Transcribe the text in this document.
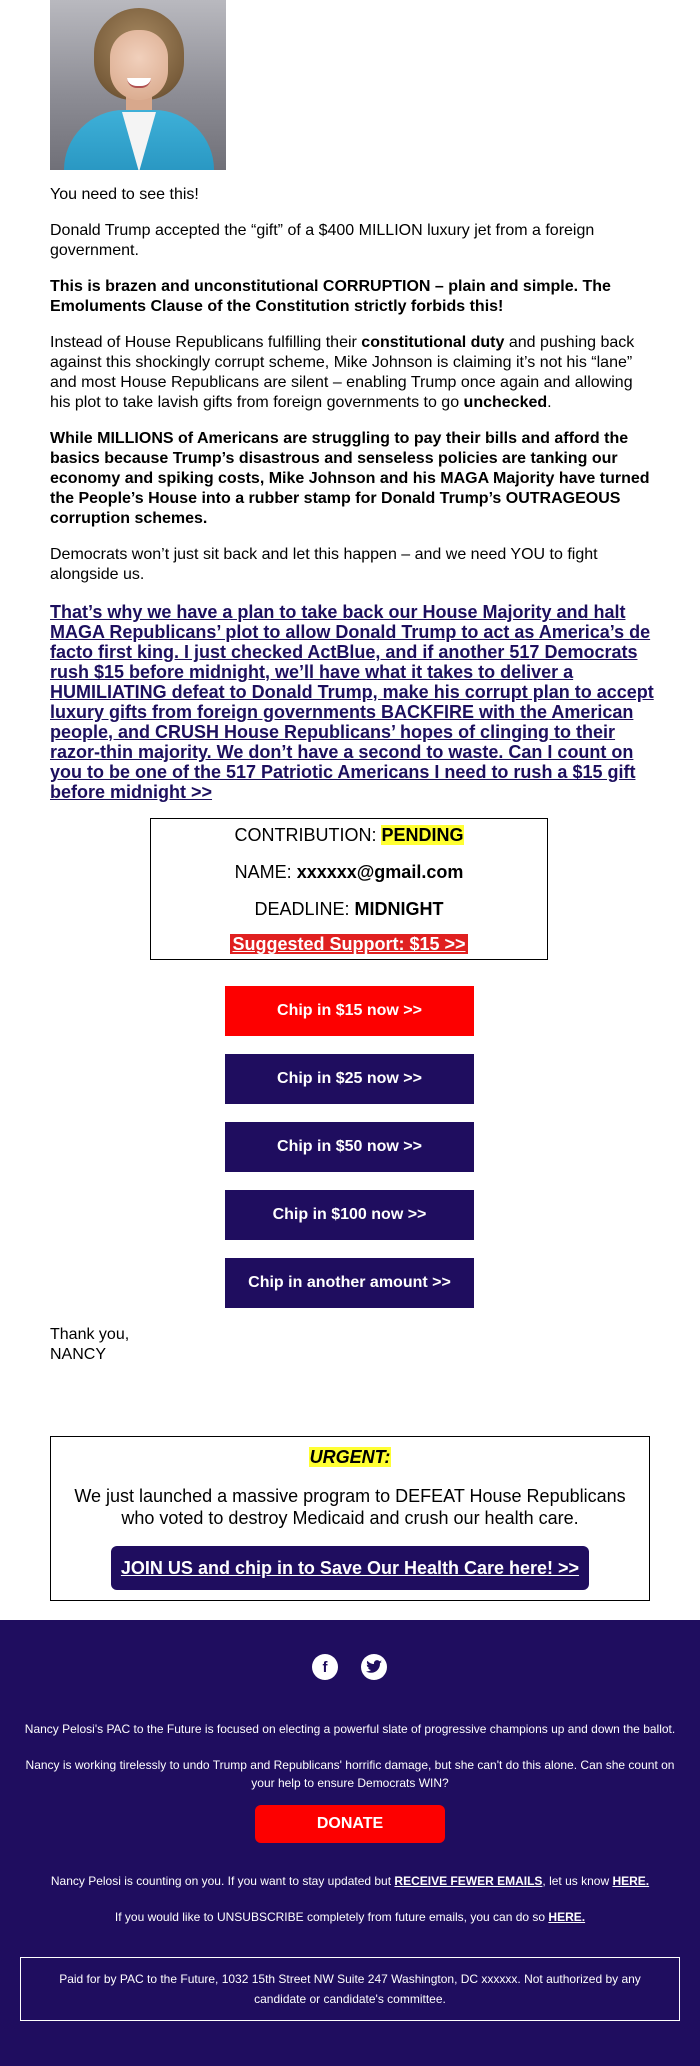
You need to see this!

Donald Trump accepted the “gift” of a $400 MILLION luxury jet from a foreign government.

This is brazen and unconstitutional CORRUPTION – plain and simple. The Emoluments Clause of the Constitution strictly forbids this!

Instead of House Republicans fulfilling their constitutional duty and pushing back against this shockingly corrupt scheme, Mike Johnson is claiming it’s not his “lane” and most House Republicans are silent – enabling Trump once again and allowing his plot to take lavish gifts from foreign governments to go unchecked.

While MILLIONS of Americans are struggling to pay their bills and afford the basics because Trump’s disastrous and senseless policies are tanking our economy and spiking costs, Mike Johnson and his MAGA Majority have turned the People’s House into a rubber stamp for Donald Trump’s OUTRAGEOUS corruption schemes.

Democrats won’t just sit back and let this happen – and we need YOU to fight alongside us.

That’s why we have a plan to take back our House Majority and halt MAGA Republicans’ plot to allow Donald Trump to act as America’s de facto first king. I just checked ActBlue, and if another 517 Democrats rush $15 before midnight, we’ll have what it takes to deliver a HUMILIATING defeat to Donald Trump, make his corrupt plan to accept luxury gifts from foreign governments BACKFIRE with the American people, and CRUSH House Republicans’ hopes of clinging to their razor-thin majority. We don’t have a second to waste. Can I count on you to be one of the 517 Patriotic Americans I need to rush a $15 gift before midnight >>

CONTRIBUTION: PENDING
NAME: xxxxxx@gmail.com
DEADLINE: MIDNIGHT
Suggested Support: $15 >>
Chip in $15 now >>
Chip in $25 now >>
Chip in $50 now >>
Chip in $100 now >>
Chip in another amount >>
Thank you,
NANCY
URGENT:
We just launched a massive program to DEFEAT House Republicans who voted to destroy Medicaid and crush our health care.
JOIN US and chip in to Save Our Health Care here! >>
f
Nancy Pelosi's PAC to the Future is focused on electing a powerful slate of progressive champions up and down the ballot.
Nancy is working tirelessly to undo Trump and Republicans' horrific damage, but she can't do this alone. Can she count on your help to ensure Democrats WIN?
DONATE
Nancy Pelosi is counting on you. If you want to stay updated but RECEIVE FEWER EMAILS, let us know HERE.
If you would like to UNSUBSCRIBE completely from future emails, you can do so HERE.
Paid for by PAC to the Future, 1032 15th Street NW Suite 247 Washington, DC xxxxxx. Not authorized by any candidate or candidate's committee.
